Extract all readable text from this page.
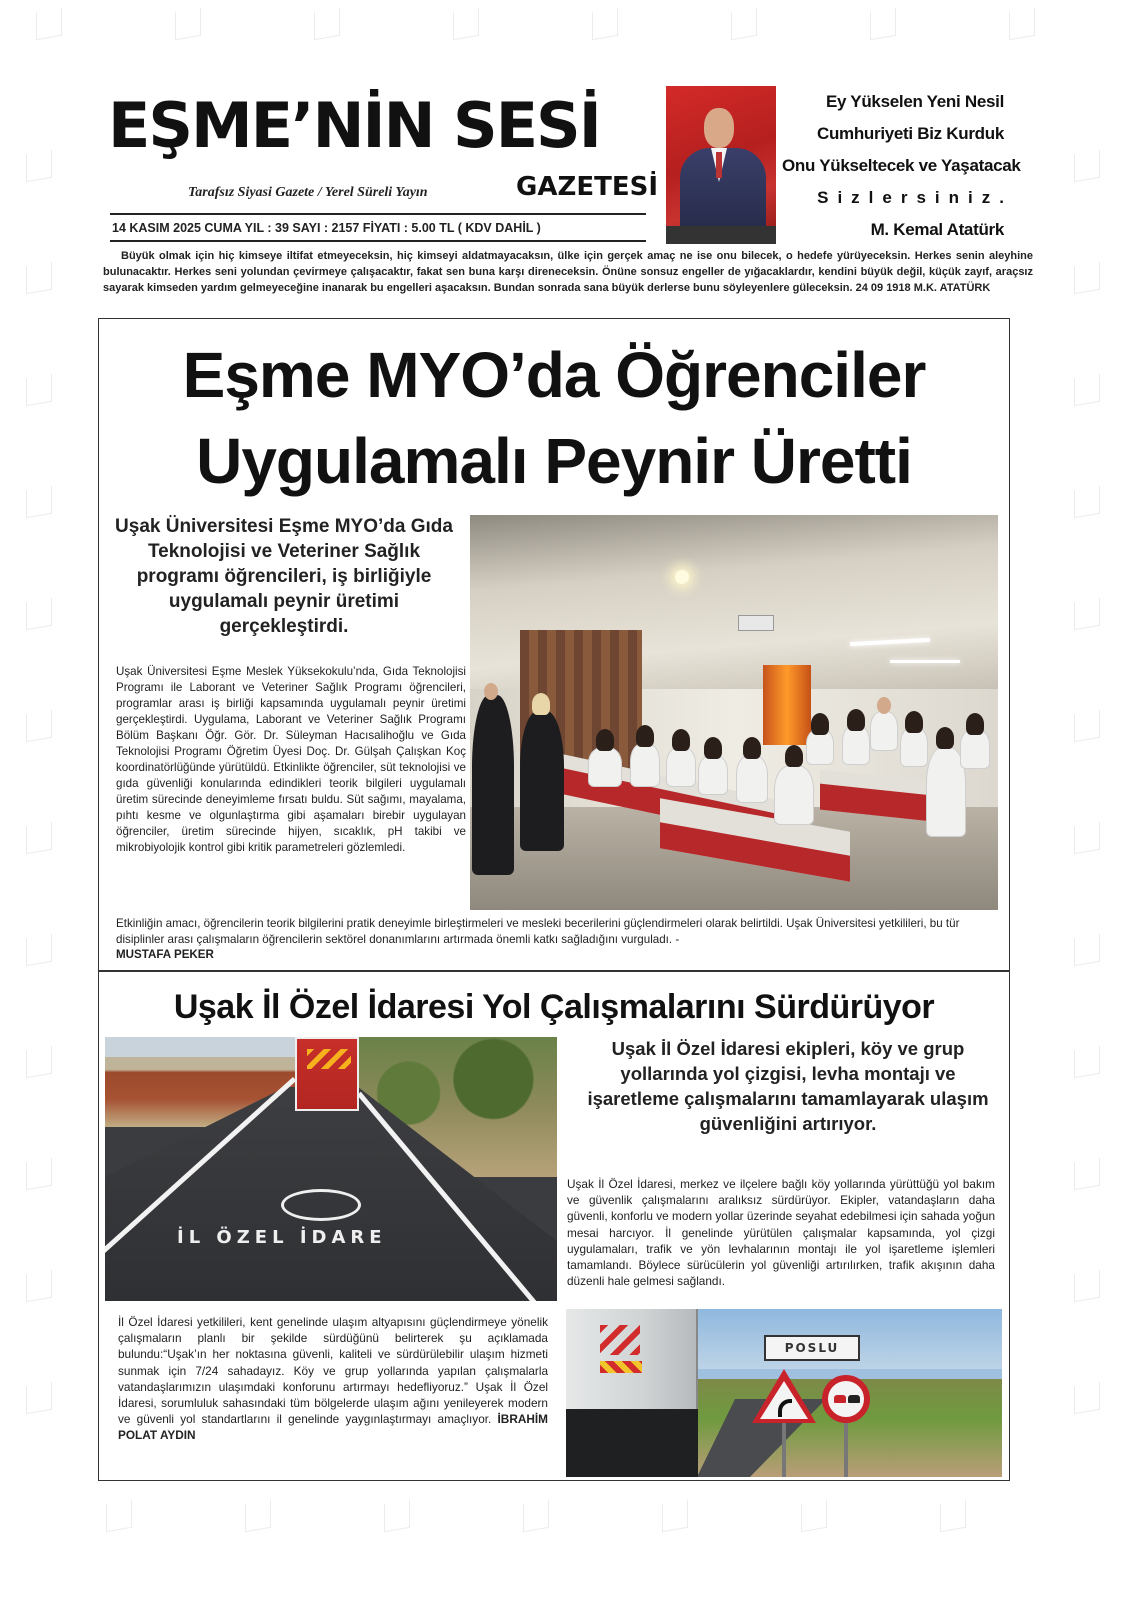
EŞME’NİN SESİ
Tarafsız Siyasi Gazete / Yerel Süreli Yayın	GAZETESİ
14 KASIM 2025 CUMA YIL : 39 SAYI : 2157 FİYATI : 5.00 TL ( KDV DAHİL )
Ey Yükselen Yeni Nesil
Cumhuriyeti Biz Kurduk
Onu Yükseltecek ve Yaşatacak
Sizlersiniz.
M. Kemal Atatürk

Büyük olmak için hiç kimseye iltifat etmeyeceksin, hiç kimseyi aldatmayacaksın, ülke için gerçek amaç ne ise onu bilecek, o hedefe yürüyeceksin. Herkes senin aleyhine bulunacaktır. Herkes seni yolundan çevirmeye çalışacaktır, fakat sen buna karşı direneceksin. Önüne sonsuz engeller de yığacaklardır, kendini büyük değil, küçük zayıf, araçsız sayarak kimseden yardım gelmeyeceğine inanarak bu engelleri aşacaksın. Bundan sonrada sana büyük derlerse bunu söyleyenlere güleceksin. 24 09 1918 M.K. ATATÜRK

Eşme MYO’da Öğrenciler
Uygulamalı Peynir Üretti
Uşak Üniversitesi Eşme MYO’da Gıda Teknolojisi ve Veteriner Sağlık programı öğrencileri, iş birliğiyle uygulamalı peynir üretimi gerçekleştirdi.

Uşak Üniversitesi Eşme Meslek Yüksekokulu’nda, Gıda Teknolojisi Programı ile Laborant ve Veteriner Sağlık Programı öğrencileri, programlar arası iş birliği kapsamında uygulamalı peynir üretimi gerçekleştirdi. Uygulama, Laborant ve Veteriner Sağlık Programı Bölüm Başkanı Öğr. Gör. Dr. Süleyman Hacısalihoğlu ve Gıda Teknolojisi Programı Öğretim Üyesi Doç. Dr. Gülşah Çalışkan Koç koordinatörlüğünde yürütüldü. Etkinlikte öğrenciler, süt teknolojisi ve gıda güvenliği konularında edindikleri teorik bilgileri uygulamalı üretim sürecinde deneyimleme fırsatı buldu. Süt sağımı, mayalama, pıhtı kesme ve olgunlaştırma gibi aşamaları birebir uygulayan öğrenciler, üretim sürecinde hijyen, sıcaklık, pH takibi ve mikrobiyolojik kontrol gibi kritik parametreleri gözlemledi.

Etkinliğin amacı, öğrencilerin teorik bilgilerini pratik deneyimle birleştirmeleri ve mesleki becerilerini güçlendirmeleri olarak belirtildi. Uşak Üniversitesi yetkilileri, bu tür disiplinler arası çalışmaların öğrencilerin sektörel donanımlarını artırmada önemli katkı sağladığını vurguladı. -
MUSTAFA PEKER
Uşak İl Özel İdaresi Yol Çalışmalarını Sürdürüyor
İL ÖZEL İDARE
Uşak İl Özel İdaresi ekipleri, köy ve grup yollarında yol çizgisi, levha montajı ve işaretleme çalışmalarını tamamlayarak ulaşım güvenliğini artırıyor.

Uşak İl Özel İdaresi, merkez ve ilçelere bağlı köy yollarında yürüttüğü yol bakım ve güvenlik çalışmalarını aralıksız sürdürüyor. Ekipler, vatandaşların daha güvenli, konforlu ve modern yollar üzerinde seyahat edebilmesi için sahada yoğun mesai harcıyor. İl genelinde yürütülen çalışmalar kapsamında, yol çizgi uygulamaları, trafik ve yön levhalarının montajı ile yol işaretleme işlemleri tamamlandı. Böylece sürücülerin yol güvenliği artırılırken, trafik akışının daha düzenli hale gelmesi sağlandı.

İl Özel İdaresi yetkilileri, kent genelinde ulaşım altyapısını güçlendirmeye yönelik çalışmaların planlı bir şekilde sürdüğünü belirterek şu açıklamada bulundu:“Uşak’ın her noktasına güvenli, kaliteli ve sürdürülebilir ulaşım hizmeti sunmak için 7/24 sahadayız. Köy ve grup yollarında yapılan çalışmalarla vatandaşlarımızın ulaşımdaki konforunu artırmayı hedefliyoruz.” Uşak İl Özel İdaresi, sorumluluk sahasındaki tüm bölgelerde ulaşım ağını yenileyerek modern ve güvenli yol standartlarını il genelinde yaygınlaştırmayı amaçlıyor. İBRAHİM POLAT AYDIN
POSLU
